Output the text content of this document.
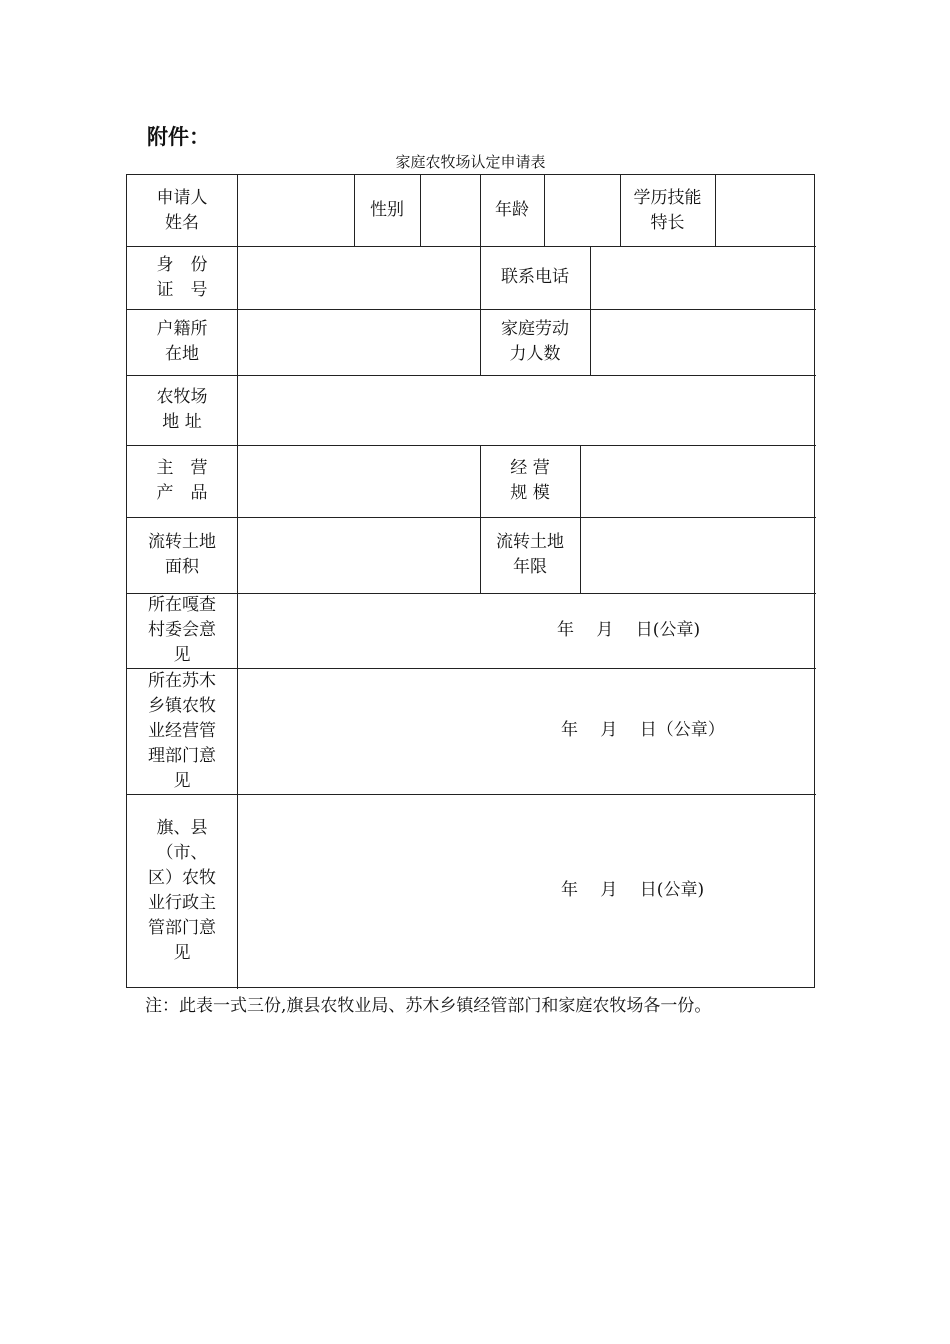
附件：
家庭农牧场认定申请表
申请人
姓名
性别	年龄
学历技能
特长
身　份
证　号
联系电话
户籍所
在地
家庭劳动
力人数
农牧场
地 址
主　营
产　品
经 营
规 模
流转土地
面积
流转土地
年限
所在嘎查
村委会意
见
年　 月　 日(公章)
所在苏木
乡镇农牧
业经营管
理部门意
见
年　 月　 日（公章）
旗、县
（市、
区）农牧
业行政主
管部门意
见
年　 月　 日(公章)
注：此表一式三份,旗县农牧业局、苏木乡镇经管部门和家庭农牧场各一份。
